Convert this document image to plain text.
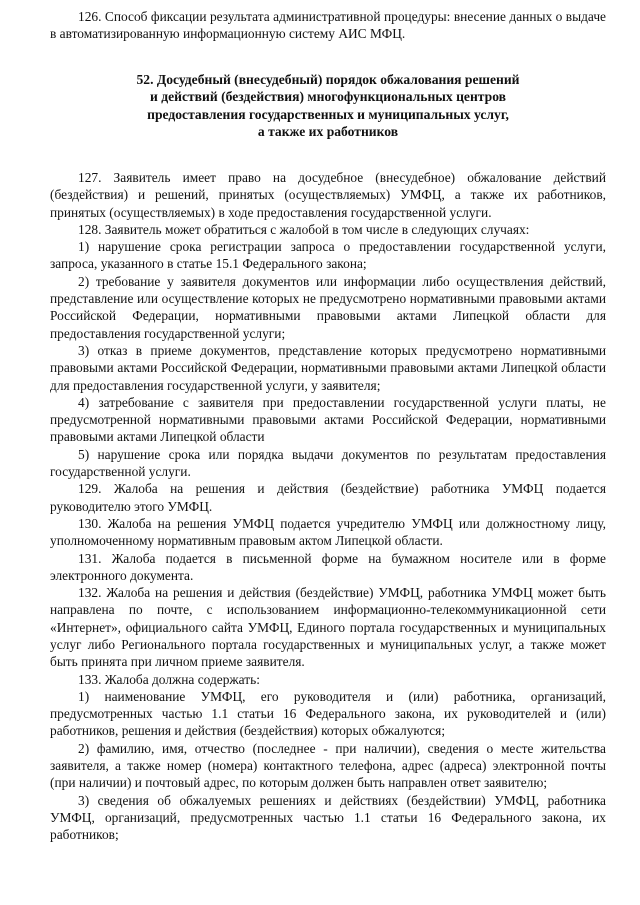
126. Способ фиксации результата административной процедуры: внесение данных о выдаче в автоматизированную информационную систему АИС МФЦ.

52. Досудебный (внесудебный) порядок обжалования решений
и действий (бездействия) многофункциональных центров
предоставления государственных и муниципальных услуг,
а также их работников

127. Заявитель имеет право на досудебное (внесудебное) обжалование действий (бездействия) и решений, принятых (осуществляемых) УМФЦ, а также их работников, принятых (осуществляемых) в ходе предоставления государственной услуги.

128. Заявитель может обратиться с жалобой в том числе в следующих случаях:

1) нарушение срока регистрации запроса о предоставлении государственной услуги, запроса, указанного в статье 15.1 Федерального закона;

2) требование у заявителя документов или информации либо осуществления действий, представление или осуществление которых не предусмотрено нормативными правовыми актами Российской Федерации, нормативными правовыми актами Липецкой области для предоставления государственной услуги;

3) отказ в приеме документов, представление которых предусмотрено нормативными правовыми актами Российской Федерации, нормативными правовыми актами Липецкой области для предоставления государственной услуги, у заявителя;

4) затребование с заявителя при предоставлении государственной услуги платы, не предусмотренной нормативными правовыми актами Российской Федерации, нормативными правовыми актами Липецкой области

5) нарушение срока или порядка выдачи документов по результатам предоставления государственной услуги.

129. Жалоба на решения и действия (бездействие) работника УМФЦ подается руководителю этого УМФЦ.

130. Жалоба на решения УМФЦ подается учредителю УМФЦ или должностному лицу, уполномоченному нормативным правовым актом Липецкой области.

131. Жалоба подается в письменной форме на бумажном носителе или в форме электронного документа.

132. Жалоба на решения и действия (бездействие) УМФЦ, работника УМФЦ может быть направлена по почте, с использованием информационно-телекоммуникационной сети «Интернет», официального сайта УМФЦ, Единого портала государственных и муниципальных услуг либо Регионального портала государственных и муниципальных услуг, а также может быть принята при личном приеме заявителя.

133. Жалоба должна содержать:

1) наименование УМФЦ, его руководителя и (или) работника, организаций, предусмотренных частью 1.1 статьи 16 Федерального закона, их руководителей и (или) работников, решения и действия (бездействия) которых обжалуются;

2) фамилию, имя, отчество (последнее - при наличии), сведения о месте жительства заявителя, а также номер (номера) контактного телефона, адрес (адреса) электронной почты (при наличии) и почтовый адрес, по которым должен быть направлен ответ заявителю;

3) сведения об обжалуемых решениях и действиях (бездействии) УМФЦ, работника УМФЦ, организаций, предусмотренных частью 1.1 статьи 16 Федерального закона, их работников;
